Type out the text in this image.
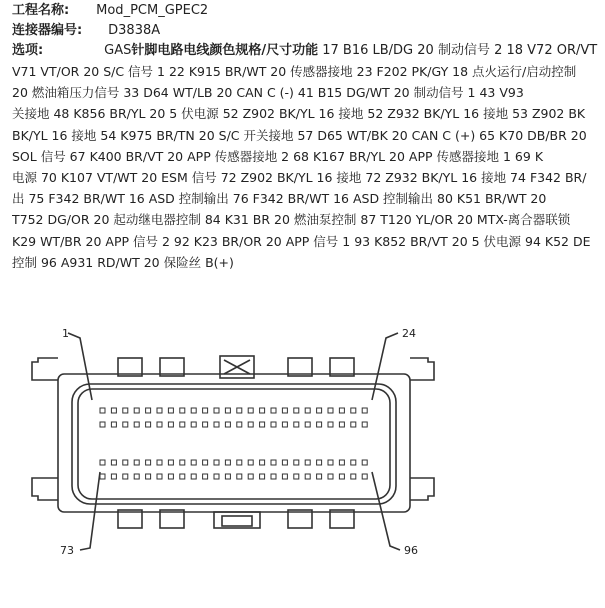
工程名称: Mod_PCM_GPEC2
连接器编号: D3838A
选项:	GAS针脚电路电线颜色规格/尺寸功能 17 B16 LB/DG 20 制动信号 2 18 V72 OR/VT
V71 VT/OR 20 S/C 信号 1 22 K915 BR/WT 20 传感器接地 23 F202 PK/GY 18 点火运行/启动控制
20 燃油箱压力信号 33 D64 WT/LB 20 CAN C (-) 41 B15 DG/WT 20 制动信号 1 43 V93
关接地 48 K856 BR/YL 20 5 伏电源 52 Z902 BK/YL 16 接地 52 Z932 BK/YL 16 接地 53 Z902 BK
BK/YL 16 接地 54 K975 BR/TN 20 S/C 开关接地 57 D65 WT/BK 20 CAN C (+) 65 K70 DB/BR 20
SOL 信号 67 K400 BR/VT 20 APP 传感器接地 2 68 K167 BR/YL 20 APP 传感器接地 1 69 K
电源 70 K107 VT/WT 20 ESM 信号 72 Z902 BK/YL 16 接地 72 Z932 BK/YL 16 接地 74 F342 BR/
出 75 F342 BR/WT 16 ASD 控制输出 76 F342 BR/WT 16 ASD 控制输出 80 K51 BR/WT 20
T752 DG/OR 20 起动继电器控制 84 K31 BR 20 燃油泵控制 87 T120 YL/OR 20 MTX-离合器联锁
K29 WT/BR 20 APP 信号 2 92 K23 BR/OR 20 APP 信号 1 93 K852 BR/VT 20 5 伏电源 94 K52 DE
控制 96 A931 RD/WT 20 保险丝 B(+)
1	24
73	96
